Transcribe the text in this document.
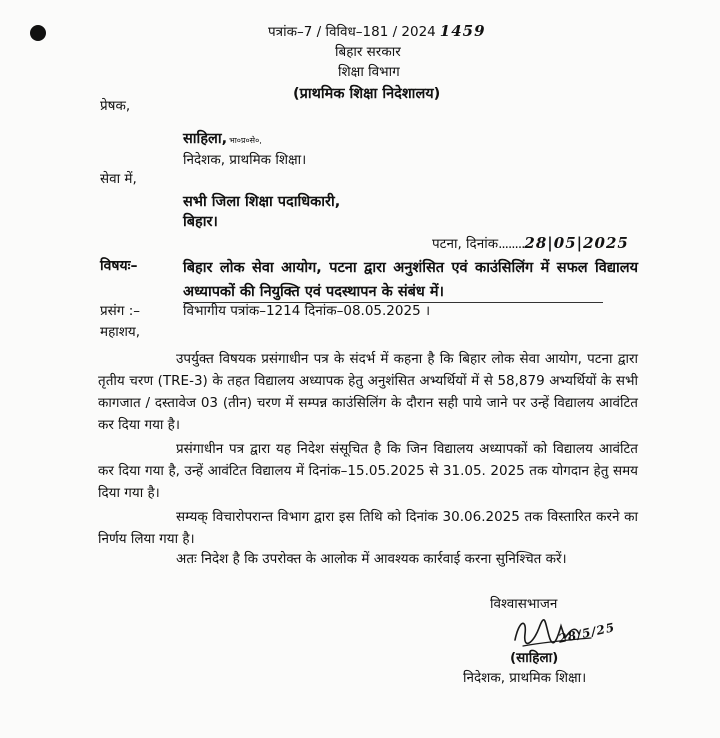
पत्रांक–7 / विविध–181 / 2024 1459
बिहार सरकार
शिक्षा विभाग
(प्राथमिक शिक्षा निदेशालय)
प्रेषक,
साहिला, भा०प्र०से०,
निदेशक, प्राथमिक शिक्षा।
सेवा में,
सभी जिला शिक्षा पदाधिकारी,
बिहार।
पटना, दिनांक........28|05|2025
विषयः–	बिहार लोक सेवा आयोग, पटना द्वारा अनुशंसित एवं काउंसिलिंग में सफल विद्यालय अध्यापकों की नियुक्ति एवं पदस्थापन के संबंध में।
प्रसंग :–	विभागीय पत्रांक–1214 दिनांक–08.05.2025 ।
महाशय,
उपर्युक्त विषयक प्रसंगाधीन पत्र के संदर्भ में कहना है कि बिहार लोक सेवा आयोग, पटना द्वारा तृतीय चरण (TRE-3) के तहत विद्यालय अध्यापक हेतु अनुशंसित अभ्यर्थियों में से 58,879 अभ्यर्थियों के सभी कागजात / दस्तावेज 03 (तीन) चरण में सम्पन्न काउंसिलिंग के दौरान सही पाये जाने पर उन्हें विद्यालय आवंटित कर दिया गया है।
प्रसंगाधीन पत्र द्वारा यह निदेश संसूचित है कि जिन विद्यालय अध्यापकों को विद्यालय आवंटित कर दिया गया है, उन्हें आवंटित विद्यालय में दिनांक–15.05.2025 से 31.05. 2025 तक योगदान हेतु समय दिया गया है।
सम्यक् विचारोपरान्त विभाग द्वारा इस तिथि को दिनांक 30.06.2025 तक विस्तारित करने का निर्णय लिया गया है।
अतः निदेश है कि उपरोक्त के आलोक में आवश्यक कार्रवाई करना सुनिश्चित करें।
विश्वासभाजन
28/5/25
(साहिला)
निदेशक, प्राथमिक शिक्षा।
